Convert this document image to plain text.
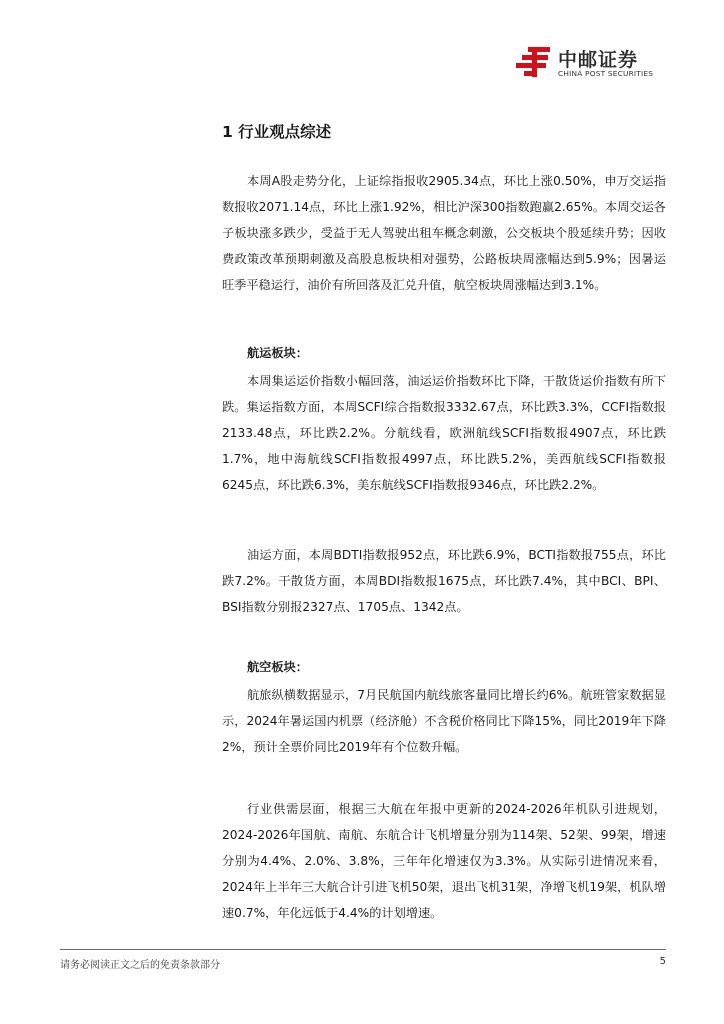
中邮证券
CHINA POST SECURITIES
1 行业观点综述

本周A股走势分化，上证综指报收2905.34点，环比上涨0.50%，申万交运指数报收2071.14点，环比上涨1.92%，相比沪深300指数跑赢2.65%。本周交运各子板块涨多跌少，受益于无人驾驶出租车概念刺激，公交板块个股延续升势；因收费政策改革预期刺激及高股息板块相对强势，公路板块周涨幅达到5.9%；因暑运旺季平稳运行，油价有所回落及汇兑升值，航空板块周涨幅达到3.1%。

航运板块：

本周集运运价指数小幅回落，油运运价指数环比下降，干散货运价指数有所下跌。集运指数方面，本周SCFI综合指数报3332.67点，环比跌3.3%，CCFI指数报2133.48点，环比跌2.2%。分航线看，欧洲航线SCFI指数报4907点，环比跌1.7%，地中海航线SCFI指数报4997点，环比跌5.2%，美西航线SCFI指数报6245点，环比跌6.3%，美东航线SCFI指数报9346点，环比跌2.2%。

油运方面，本周BDTI指数报952点，环比跌6.9%，BCTI指数报755点，环比跌7.2%。干散货方面，本周BDI指数报1675点，环比跌7.4%，其中BCI、BPI、BSI指数分别报2327点、1705点、1342点。

航空板块：

航旅纵横数据显示，7月民航国内航线旅客量同比增长约6%。航班管家数据显示，2024年暑运国内机票（经济舱）不含税价格同比下降15%，同比2019年下降2%，预计全票价同比2019年有个位数升幅。

行业供需层面，根据三大航在年报中更新的2024-2026年机队引进规划，2024-2026年国航、南航、东航合计飞机增量分别为114架、52架、99架，增速分别为4.4%、2.0%、3.8%，三年年化增速仅为3.3%。从实际引进情况来看，2024年上半年三大航合计引进飞机50架，退出飞机31架，净增飞机19架，机队增速0.7%，年化远低于4.4%的计划增速。

请务必阅读正文之后的免责条款部分	5
